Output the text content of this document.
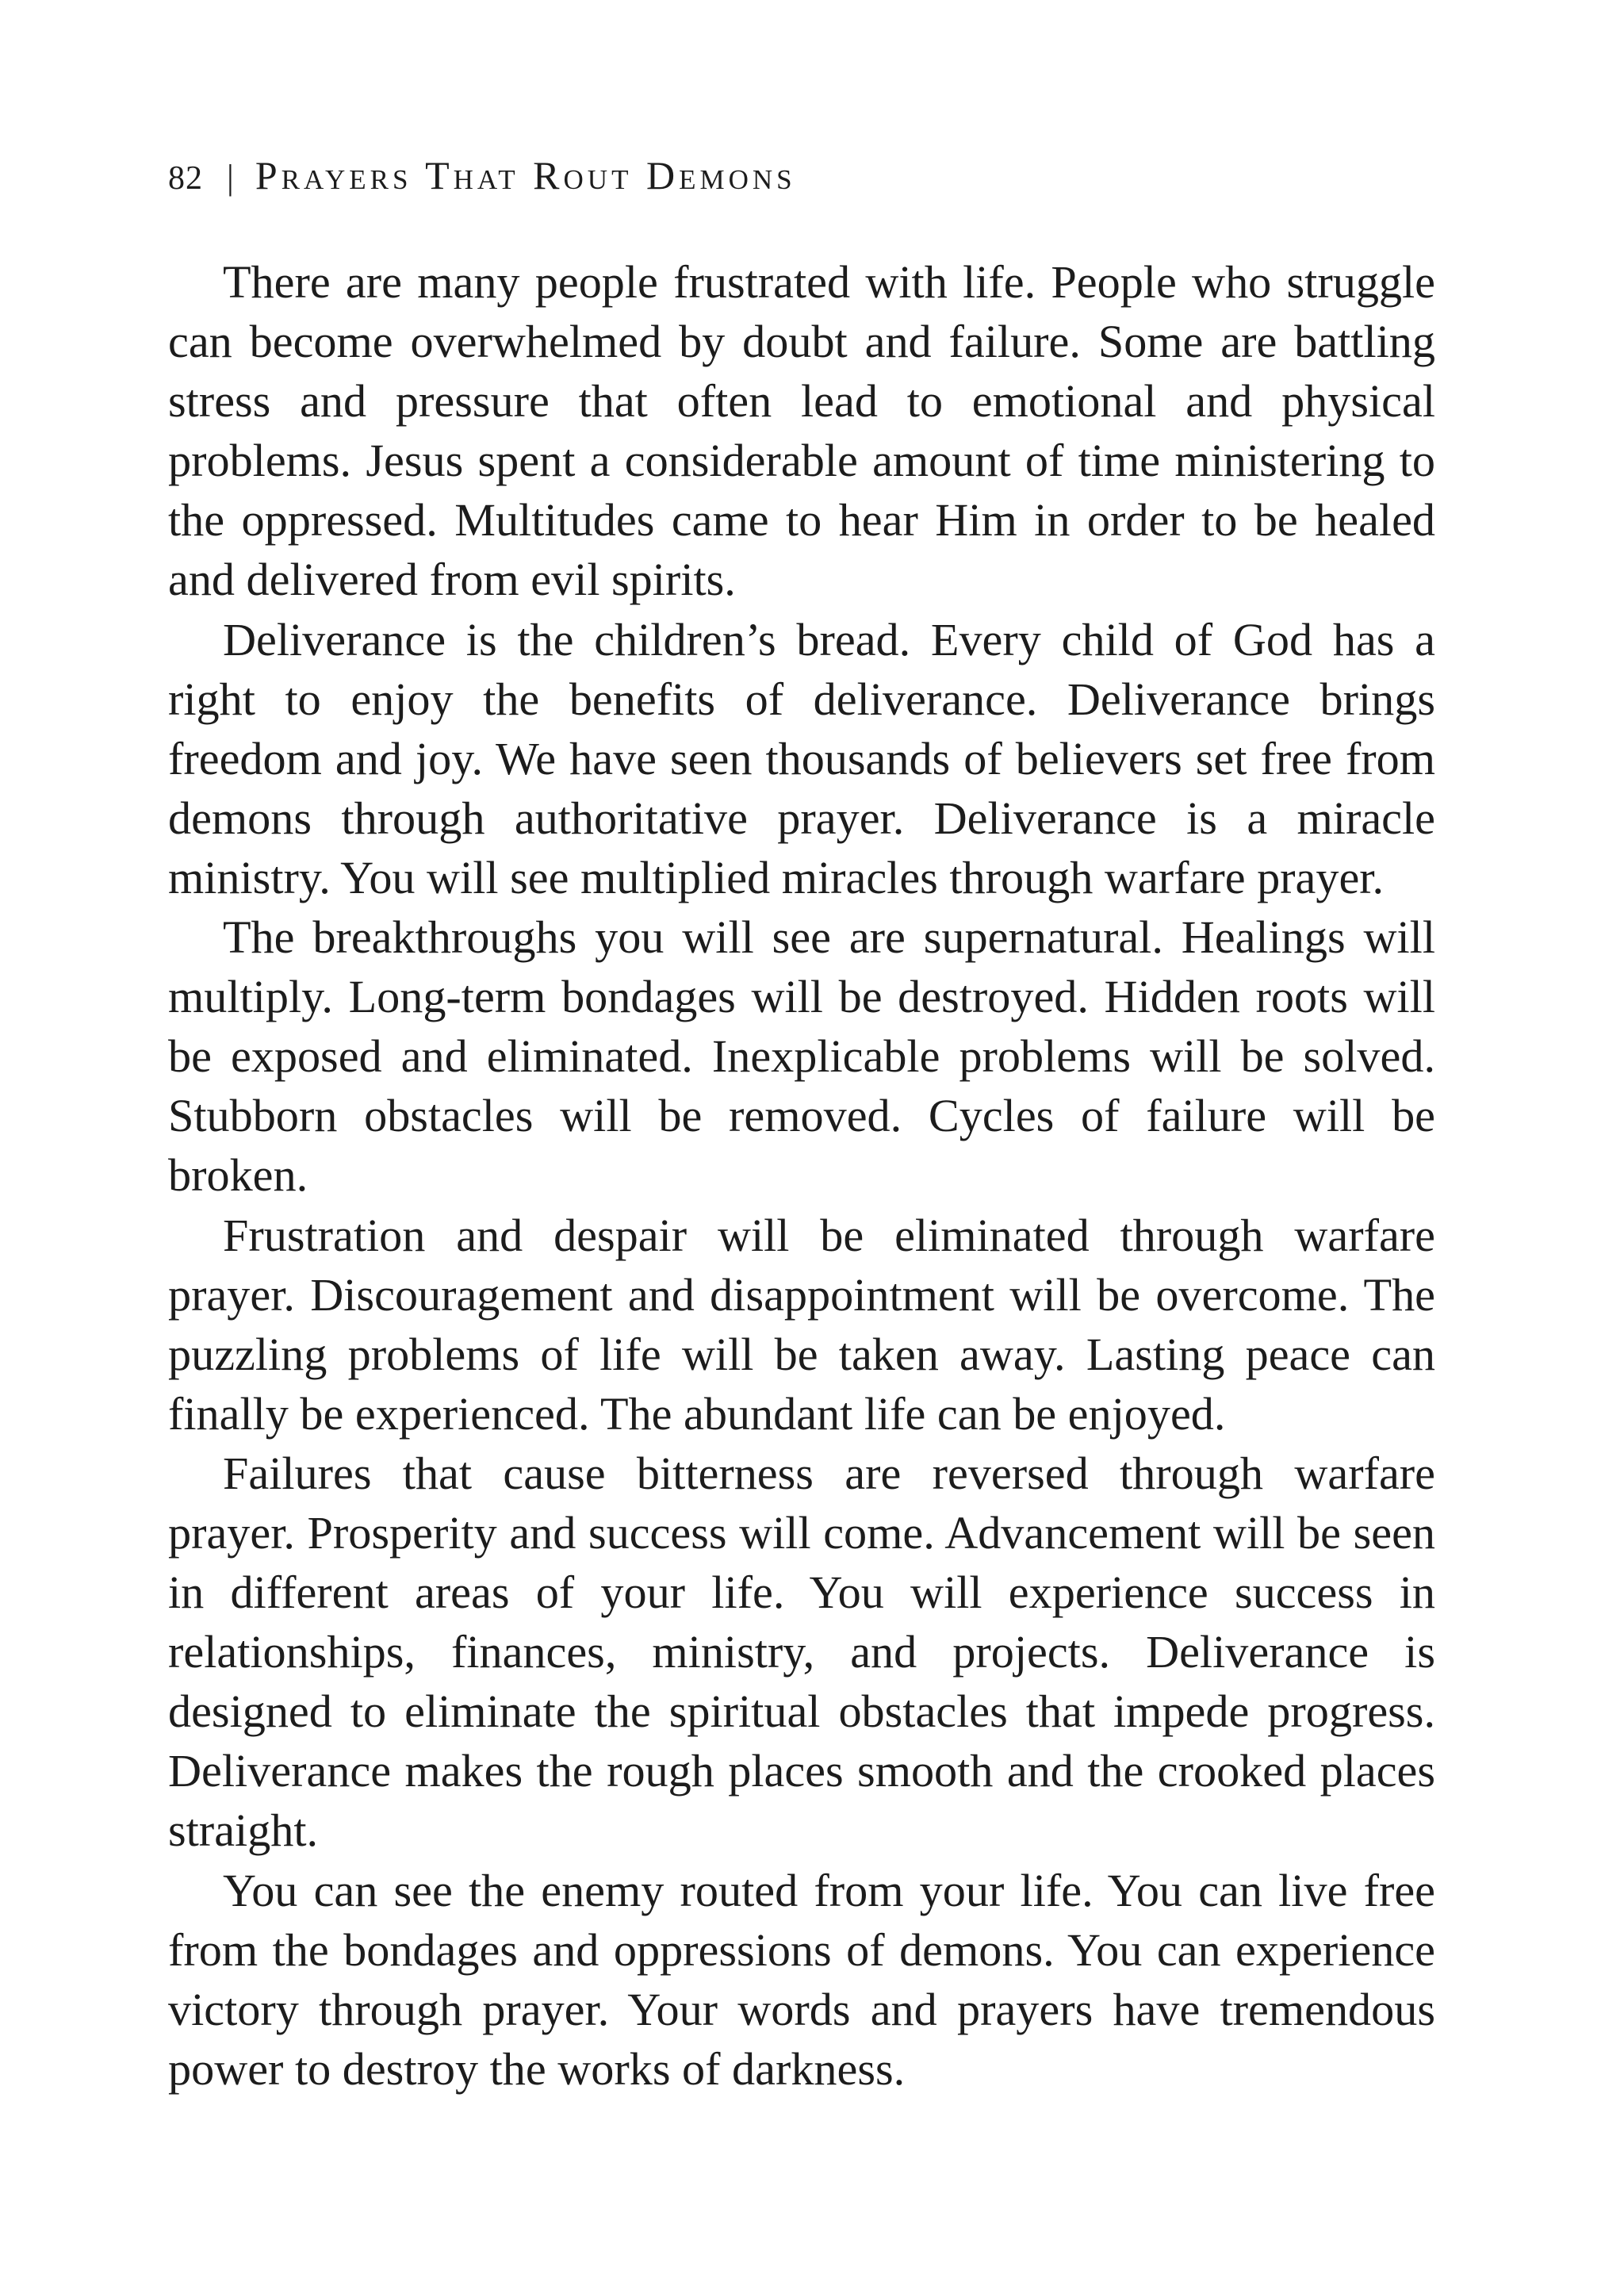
82 | Prayers That Rout Demons

There are many people frustrated with life. People who struggle can become overwhelmed by doubt and failure. Some are battling stress and pressure that often lead to emotional and physical problems. Jesus spent a considerable amount of time ministering to the oppressed. Multitudes came to hear Him in order to be healed and delivered from evil spirits.

Deliverance is the children’s bread. Every child of God has a right to enjoy the benefits of deliverance. Deliverance brings freedom and joy. We have seen thousands of believers set free from demons through authoritative prayer. Deliverance is a miracle ministry. You will see multiplied miracles through warfare prayer.

The breakthroughs you will see are supernatural. Healings will multiply. Long-term bondages will be destroyed. Hidden roots will be exposed and eliminated. Inexplicable problems will be solved. Stubborn obstacles will be removed. Cycles of failure will be broken.

Frustration and despair will be eliminated through warfare prayer. Discouragement and disappointment will be overcome. The puzzling problems of life will be taken away. Lasting peace can finally be experienced. The abundant life can be enjoyed.

Failures that cause bitterness are reversed through warfare prayer. Prosperity and success will come. Advancement will be seen in different areas of your life. You will experience success in relationships, finances, ministry, and projects. Deliverance is designed to eliminate the spiritual obstacles that impede progress. Deliverance makes the rough places smooth and the crooked places straight.

You can see the enemy routed from your life. You can live free from the bondages and oppressions of demons. You can experience victory through prayer. Your words and prayers have tremendous power to destroy the works of darkness.
